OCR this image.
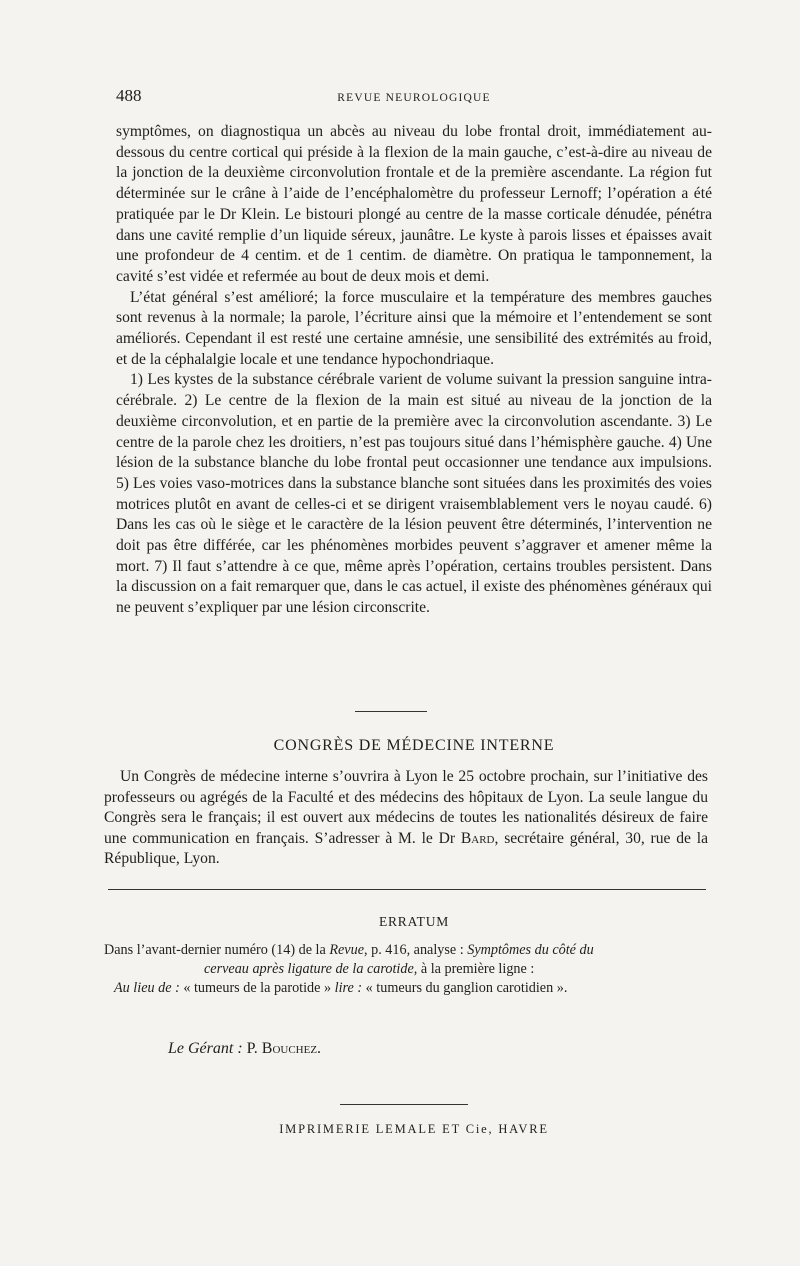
488	REVUE NEUROLOGIQUE

symptômes, on diagnostiqua un abcès au niveau du lobe frontal droit, immédiatement au-dessous du centre cortical qui préside à la flexion de la main gauche, c’est-à-dire au niveau de la jonction de la deuxième circonvolution frontale et de la première ascendante. La région fut déterminée sur le crâne à l’aide de l’encéphalomètre du professeur Lernoff; l’opération a été pratiquée par le Dr Klein. Le bistouri plongé au centre de la masse corticale dénudée, pénétra dans une cavité remplie d’un liquide séreux, jaunâtre. Le kyste à parois lisses et épaisses avait une profondeur de 4 centim. et de 1 centim. de diamètre. On pratiqua le tamponnement, la cavité s’est vidée et refermée au bout de deux mois et demi.

L’état général s’est amélioré; la force musculaire et la température des membres gauches sont revenus à la normale; la parole, l’écriture ainsi que la mémoire et l’entendement se sont améliorés. Cependant il est resté une certaine amnésie, une sensibilité des extrémités au froid, et de la céphalalgie locale et une tendance hypochondriaque.

1) Les kystes de la substance cérébrale varient de volume suivant la pression sanguine intra-cérébrale. 2) Le centre de la flexion de la main est situé au niveau de la jonction de la deuxième circonvolution, et en partie de la première avec la circonvolution ascendante. 3) Le centre de la parole chez les droitiers, n’est pas toujours situé dans l’hémisphère gauche. 4) Une lésion de la substance blanche du lobe frontal peut occasionner une tendance aux impulsions. 5) Les voies vaso-motrices dans la substance blanche sont situées dans les proximités des voies motrices plutôt en avant de celles-ci et se dirigent vraisemblablement vers le noyau caudé. 6) Dans les cas où le siège et le caractère de la lésion peuvent être déterminés, l’intervention ne doit pas être différée, car les phénomènes morbides peuvent s’aggraver et amener même la mort. 7) Il faut s’attendre à ce que, même après l’opération, certains troubles persistent. Dans la discussion on a fait remarquer que, dans le cas actuel, il existe des phénomènes généraux qui ne peuvent s’expliquer par une lésion circonscrite.

CONGRÈS DE MÉDECINE INTERNE

Un Congrès de médecine interne s’ouvrira à Lyon le 25 octobre prochain, sur l’initiative des professeurs ou agrégés de la Faculté et des médecins des hôpitaux de Lyon. La seule langue du Congrès sera le français; il est ouvert aux médecins de toutes les nationalités désireux de faire une communication en français. S’adresser à M. le Dr Bard, secrétaire général, 30, rue de la République, Lyon.

ERRATUM

Dans l’avant-dernier numéro (14) de la Revue, p. 416, analyse : Symptômes du côté du

cerveau après ligature de la carotide, à la première ligne :

Au lieu de : « tumeurs de la parotide » lire : « tumeurs du ganglion carotidien ».

Le Gérant : P. Bouchez.
IMPRIMERIE LEMALE ET Cie, HAVRE
